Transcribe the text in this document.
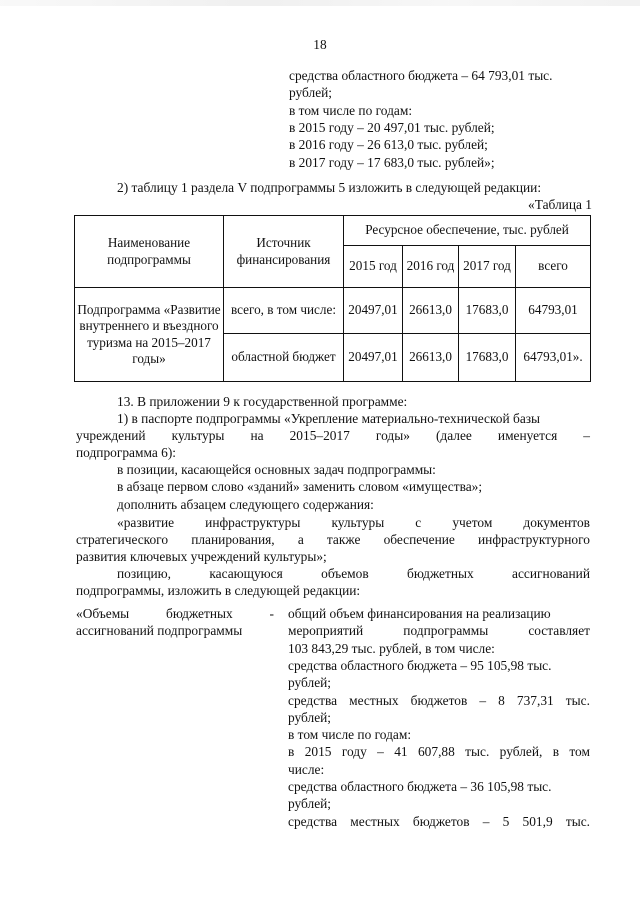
18
средства областного бюджета – 64 793,01 тыс.
рублей;
в том числе по годам:
в 2015 году – 20 497,01 тыс. рублей;
в 2016 году – 26 613,0 тыс. рублей;
в 2017 году – 17 683,0 тыс. рублей»;
2) таблицу 1 раздела V подпрограммы 5 изложить в следующей редакции:
«Таблица 1
Наименование подпрограммы	Источник финансирования	Ресурсное обеспечение, тыс. рублей			
		2015 год	2016 год	2017 год	всего
Подпрограмма «Развитие внутреннего и въездного туризма на 2015–2017 годы»	всего, в том числе:	20497,01	26613,0	17683,0	64793,01
	областной бюджет	20497,01	26613,0	17683,0	64793,01».
13. В приложении 9 к государственной программе:
1) в паспорте подпрограммы «Укрепление материально-технической базы
учреждений культуры на 2015–2017 годы» (далее именуется –
подпрограмма 6):
в позиции, касающейся основных задач подпрограммы:
в абзаце первом слово «зданий» заменить словом «имущества»;
дополнить абзацем следующего содержания:
«развитие инфраструктуры культуры с учетом документов
стратегического планирования, а также обеспечение инфраструктурного
развития ключевых учреждений культуры»;
позицию,	касающуюся	объемов	бюджетных	ассигнований
подпрограммы, изложить в следующей редакции:
«Объемы	бюджетных	-
ассигнований подпрограммы
общий объем финансирования на реализацию
мероприятий	подпрограммы	составляет
103 843,29 тыс. рублей, в том числе:
средства областного бюджета – 95 105,98 тыс.
рублей;
средства местных бюджетов – 8 737,31 тыс.
рублей;
в том числе по годам:
в 2015 году – 41 607,88 тыс. рублей, в том
числе:
средства областного бюджета – 36 105,98 тыс.
рублей;
средства местных бюджетов – 5 501,9 тыс.
